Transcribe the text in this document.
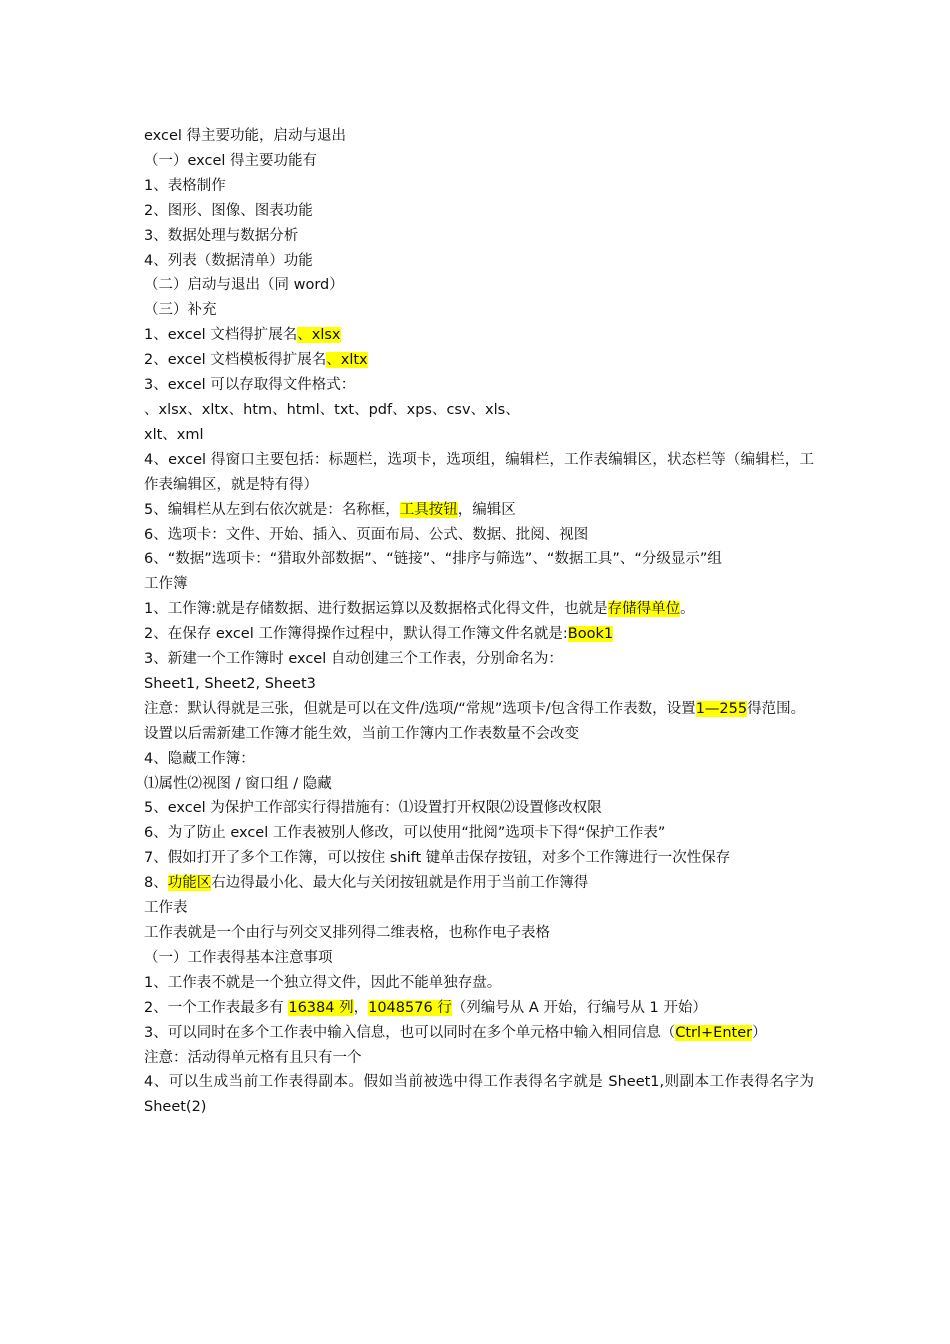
excel 得主要功能，启动与退出

（一）excel 得主要功能有

1、表格制作

2、图形、图像、图表功能

3、数据处理与数据分析

4、列表（数据清单）功能

（二）启动与退出（同 word）

（三）补充

1、excel 文档得扩展名、xlsx

2、excel 文档模板得扩展名、xltx

3、excel 可以存取得文件格式：

、xlsx、xltx、htm、html、txt、pdf、xps、csv、xls、

xlt、xml

4、excel 得窗口主要包括：标题栏，选项卡，选项组，编辑栏，工作表编辑区，状态栏等（编辑栏，工作表编辑区，就是特有得）

5、编辑栏从左到右依次就是：名称框，工具按钮，编辑区

6、选项卡：文件、开始、插入、页面布局、公式、数据、批阅、视图

6、“数据”选项卡：“猎取外部数据”、“链接”、“排序与筛选”、“数据工具”、“分级显示”组

工作簿

1、工作簿:就是存储数据、进行数据运算以及数据格式化得文件，也就是存储得单位。

2、在保存 excel 工作簿得操作过程中，默认得工作簿文件名就是:Book1

3、新建一个工作簿时 excel 自动创建三个工作表，分别命名为：

Sheet1, Sheet2, Sheet3

注意：默认得就是三张，但就是可以在文件/选项/“常规”选项卡/包含得工作表数，设置1—255得范围。

设置以后需新建工作簿才能生效，当前工作簿内工作表数量不会改变

4、隐藏工作簿：

⑴属性⑵视图 / 窗口组 / 隐藏

5、excel 为保护工作部实行得措施有：⑴设置打开权限⑵设置修改权限

6、为了防止 excel 工作表被别人修改，可以使用“批阅”选项卡下得“保护工作表”

7、假如打开了多个工作簿，可以按住 shift 键单击保存按钮，对多个工作簿进行一次性保存

8、功能区右边得最小化、最大化与关闭按钮就是作用于当前工作簿得

工作表

工作表就是一个由行与列交叉排列得二维表格，也称作电子表格

（一）工作表得基本注意事项

1、工作表不就是一个独立得文件，因此不能单独存盘。

2、一个工作表最多有 16384 列，1048576 行（列编号从 A 开始，行编号从 1 开始）

3、可以同时在多个工作表中输入信息，也可以同时在多个单元格中输入相同信息（Ctrl+Enter）

注意：活动得单元格有且只有一个

4、可以生成当前工作表得副本。假如当前被选中得工作表得名字就是 Sheet1,则副本工作表得名字为 Sheet(2)
